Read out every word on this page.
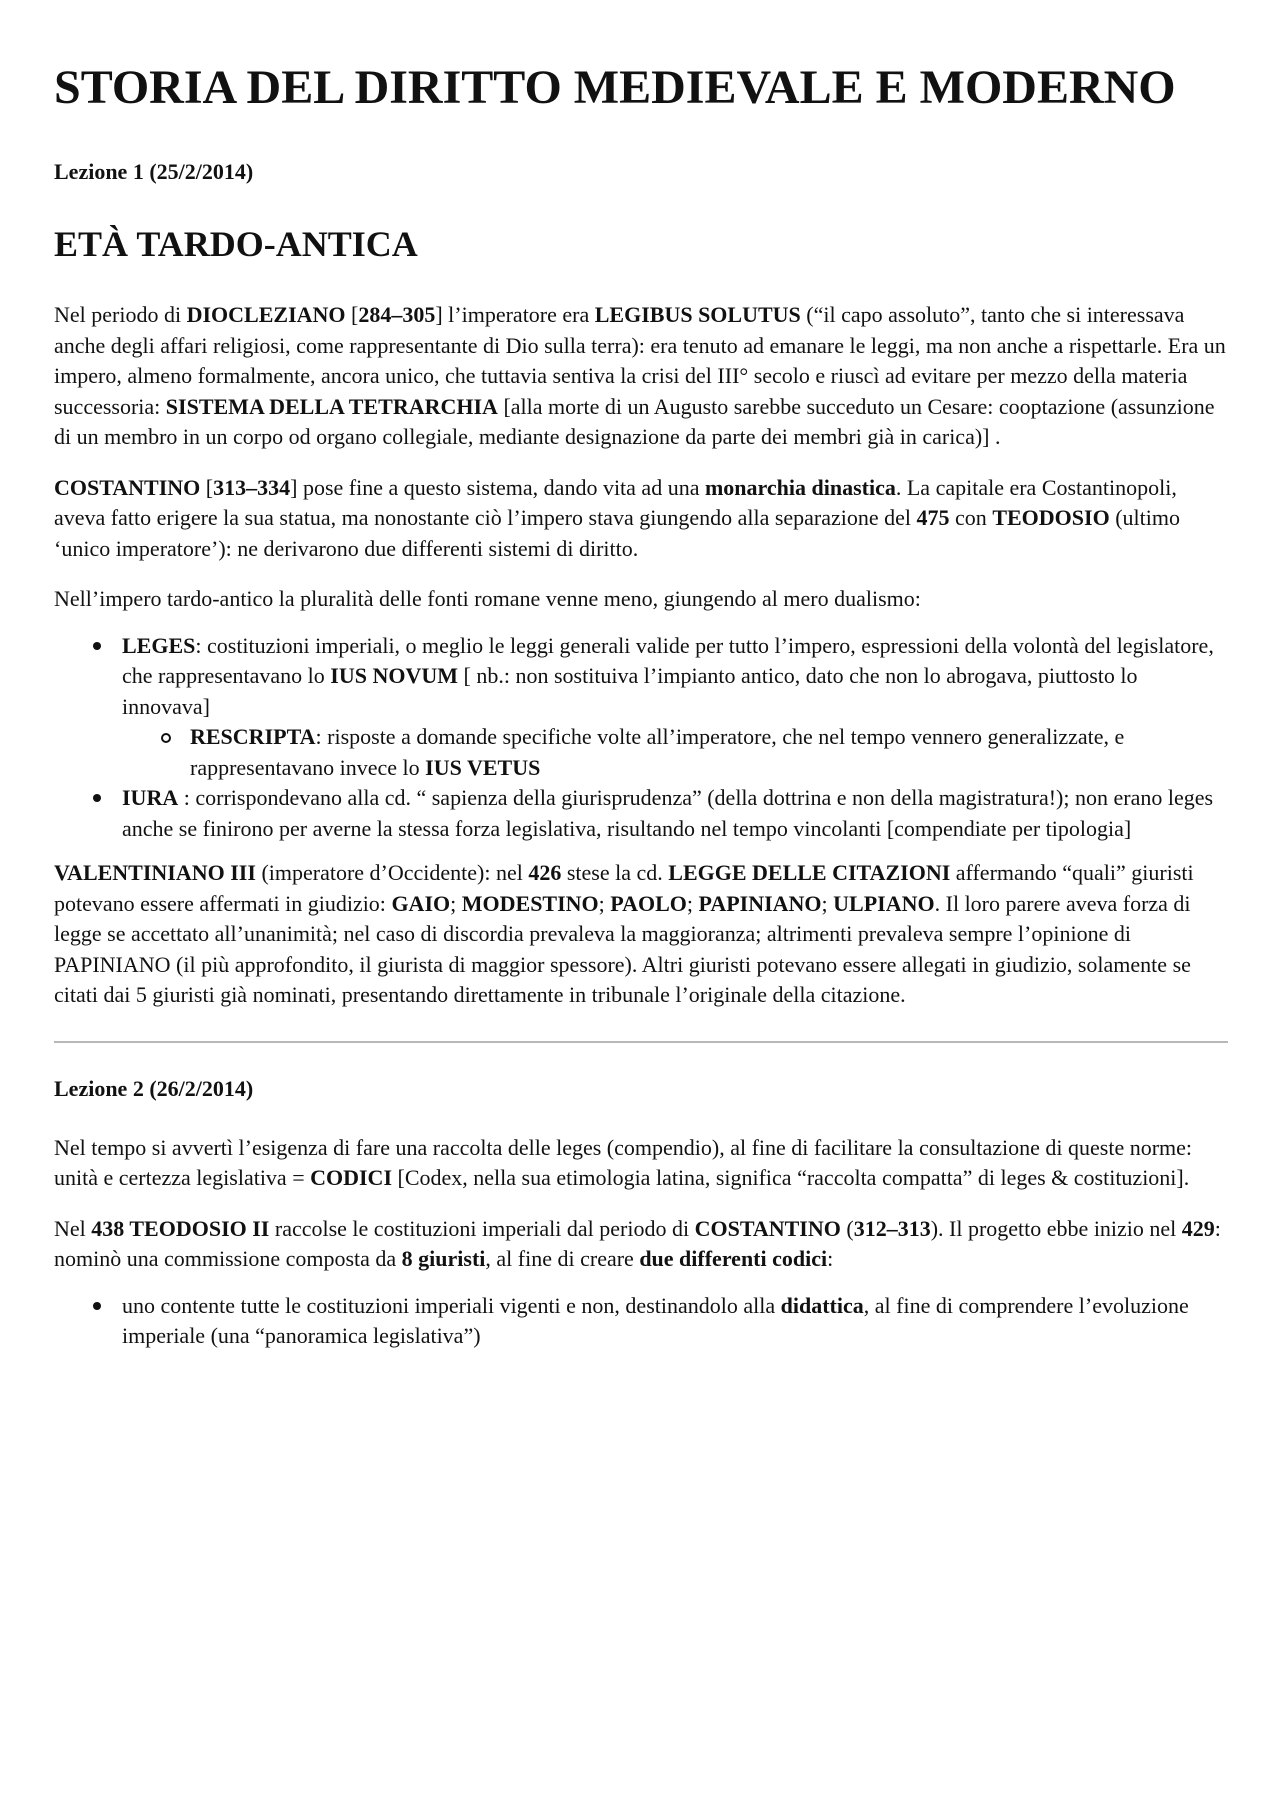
STORIA DEL DIRITTO MEDIEVALE E MODERNO
Lezione 1 (25/2/2014)
ETÀ TARDO-ANTICA

Nel periodo di DIOCLEZIANO [284–305] l’imperatore era LEGIBUS SOLUTUS (“il capo assoluto”, tanto che si interessava anche degli affari religiosi, come rappresentante di Dio sulla terra): era tenuto ad emanare le leggi, ma non anche a rispettarle. Era un impero, almeno formalmente, ancora unico, che tuttavia sentiva la crisi del III° secolo e riuscì ad evitare per mezzo della materia successoria: SISTEMA DELLA TETRARCHIA [alla morte di un Augusto sarebbe succeduto un Cesare: cooptazione (assunzione di un membro in un corpo od organo collegiale, mediante designazione da parte dei membri già in carica)] .

COSTANTINO [313–334] pose fine a questo sistema, dando vita ad una monarchia dinastica. La capitale era Costantinopoli, aveva fatto erigere la sua statua, ma nonostante ciò l’impero stava giungendo alla separazione del 475 con TEODOSIO (ultimo ‘unico imperatore’): ne derivarono due differenti sistemi di diritto.

Nell’impero tardo-antico la pluralità delle fonti romane venne meno, giungendo al mero dualismo:

LEGES: costituzioni imperiali, o meglio le leggi generali valide per tutto l’impero, espressioni della volontà del legislatore, che rappresentavano lo IUS NOVUM [ nb.: non sostituiva l’impianto antico, dato che non lo abrogava, piuttosto lo innovava]
RESCRIPTA: risposte a domande specifiche volte all’imperatore, che nel tempo vennero generalizzate, e rappresentavano invece lo IUS VETUS
IURA : corrispondevano alla cd. “ sapienza della giurisprudenza” (della dottrina e non della magistratura!); non erano leges anche se finirono per averne la stessa forza legislativa, risultando nel tempo vincolanti [compendiate per tipologia]

VALENTINIANO III (imperatore d’Occidente): nel 426 stese la cd. LEGGE DELLE CITAZIONI affermando “quali” giuristi potevano essere affermati in giudizio: GAIO; MODESTINO; PAOLO; PAPINIANO; ULPIANO. Il loro parere aveva forza di legge se accettato all’unanimità; nel caso di discordia prevaleva la maggioranza; altrimenti prevaleva sempre l’opinione di PAPINIANO (il più approfondito, il giurista di maggior spessore). Altri giuristi potevano essere allegati in giudizio, solamente se citati dai 5 giuristi già nominati, presentando direttamente in tribunale l’originale della citazione.

Lezione 2 (26/2/2014)

Nel tempo si avvertì l’esigenza di fare una raccolta delle leges (compendio), al fine di facilitare la consultazione di queste norme: unità e certezza legislativa = CODICI [Codex, nella sua etimologia latina, significa “raccolta compatta” di leges & costituzioni].

Nel 438 TEODOSIO II raccolse le costituzioni imperiali dal periodo di COSTANTINO (312–313). Il progetto ebbe inizio nel 429: nominò una commissione composta da 8 giuristi, al fine di creare due differenti codici:

uno contente tutte le costituzioni imperiali vigenti e non, destinandolo alla didattica, al fine di comprendere l’evoluzione imperiale (una “panoramica legislativa”)
